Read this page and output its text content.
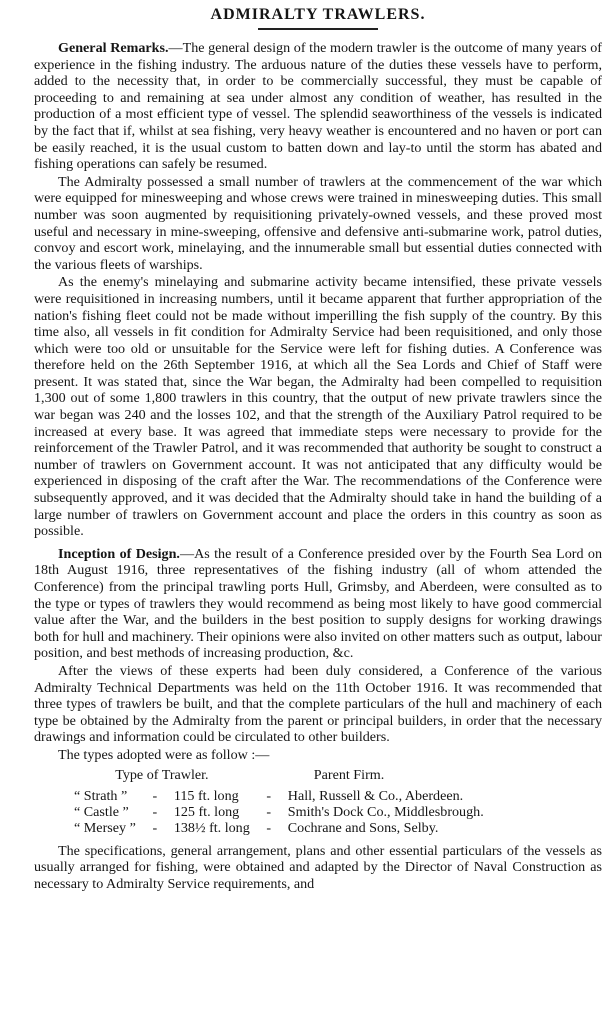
ADMIRALTY TRAWLERS.

General Remarks.—The general design of the modern trawler is the outcome of many years of experience in the fishing industry. The arduous nature of the duties these vessels have to perform, added to the necessity that, in order to be commercially successful, they must be capable of proceeding to and remaining at sea under almost any condition of weather, has resulted in the production of a most efficient type of vessel. The splendid seaworthiness of the vessels is indicated by the fact that if, whilst at sea fishing, very heavy weather is encountered and no haven or port can be easily reached, it is the usual custom to batten down and lay-to until the storm has abated and fishing operations can safely be resumed.

The Admiralty possessed a small number of trawlers at the commencement of the war which were equipped for minesweeping and whose crews were trained in minesweeping duties. This small number was soon augmented by requisitioning privately-owned vessels, and these proved most useful and necessary in mine-sweeping, offensive and defensive anti-submarine work, patrol duties, convoy and escort work, minelaying, and the innumerable small but essential duties connected with the various fleets of warships.

As the enemy's minelaying and submarine activity became intensified, these private vessels were requisitioned in increasing numbers, until it became apparent that further appropriation of the nation's fishing fleet could not be made without imperilling the fish supply of the country. By this time also, all vessels in fit condition for Admiralty Service had been requisitioned, and only those which were too old or unsuitable for the Service were left for fishing duties. A Conference was therefore held on the 26th September 1916, at which all the Sea Lords and Chief of Staff were present. It was stated that, since the War began, the Admiralty had been compelled to requisition 1,300 out of some 1,800 trawlers in this country, that the output of new private trawlers since the war began was 240 and the losses 102, and that the strength of the Auxiliary Patrol required to be increased at every base. It was agreed that immediate steps were necessary to provide for the reinforcement of the Trawler Patrol, and it was recommended that authority be sought to construct a number of trawlers on Government account. It was not anticipated that any difficulty would be experienced in disposing of the craft after the War. The recommendations of the Conference were subsequently approved, and it was decided that the Admiralty should take in hand the building of a large number of trawlers on Government account and place the orders in this country as soon as possible.

Inception of Design.—As the result of a Conference presided over by the Fourth Sea Lord on 18th August 1916, three representatives of the fishing industry (all of whom attended the Conference) from the principal trawling ports Hull, Grimsby, and Aberdeen, were consulted as to the type or types of trawlers they would recommend as being most likely to have good commercial value after the War, and the builders in the best position to supply designs for working drawings both for hull and machinery. Their opinions were also invited on other matters such as output, labour position, and best methods of increasing production, &c.

After the views of these experts had been duly considered, a Conference of the various Admiralty Technical Departments was held on the 11th October 1916. It was recommended that three types of trawlers be built, and that the complete particulars of the hull and machinery of each type be obtained by the Admiralty from the parent or principal builders, in order that the necessary drawings and information could be circulated to other builders.

The types adopted were as follow :—

Type of Trawler.				Parent Firm.
“ Strath ”	-	115 ft. long	-	Hall, Russell & Co., Aberdeen.
“ Castle ”	-	125 ft. long	-	Smith's Dock Co., Middlesbrough.
“ Mersey ”	-	138½ ft. long	-	Cochrane and Sons, Selby.

The specifications, general arrangement, plans and other essential particulars of the vessels as usually arranged for fishing, were obtained and adapted by the Director of Naval Construction as necessary to Admiralty Service requirements, and
